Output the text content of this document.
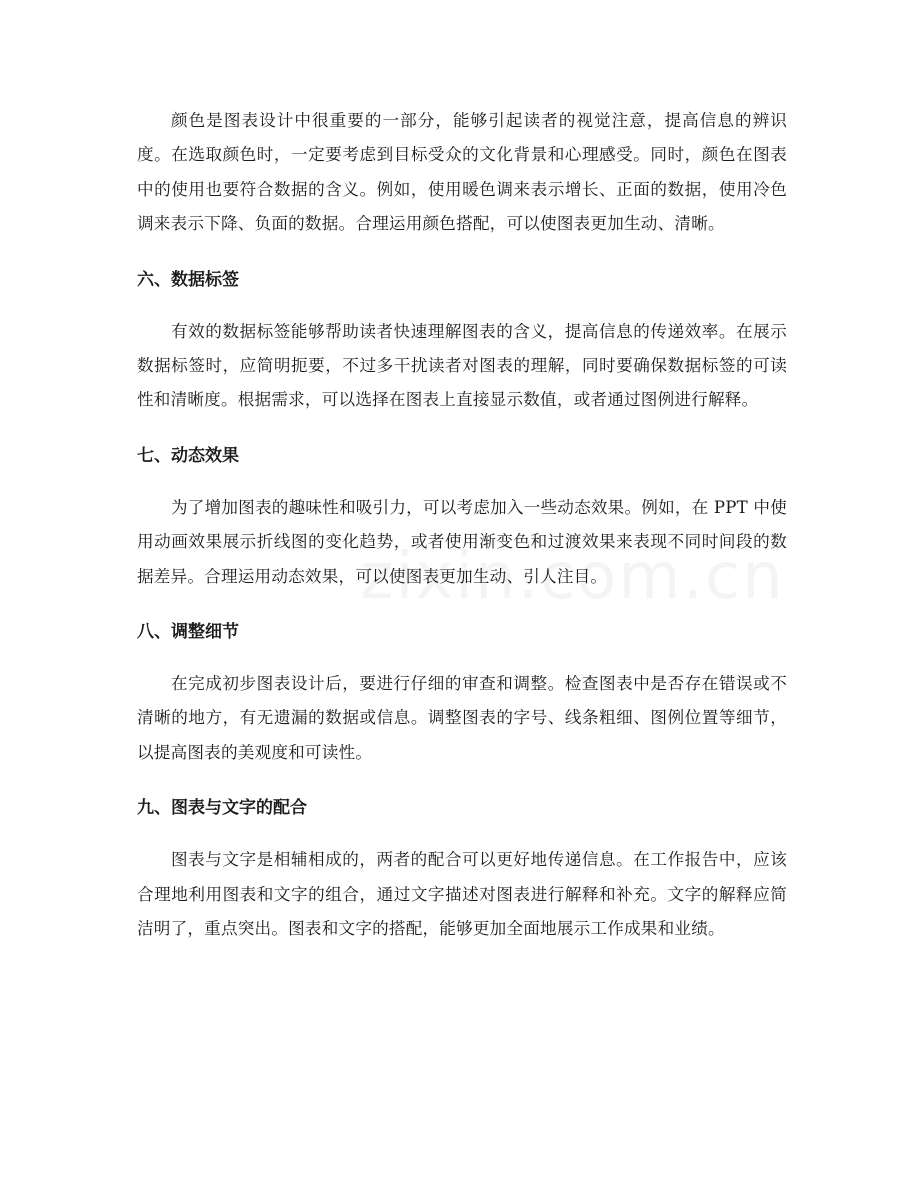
颜色是图表设计中很重要的一部分，能够引起读者的视觉注意，提高信息的辨识度。在选取颜色时，一定要考虑到目标受众的文化背景和心理感受。同时，颜色在图表中的使用也要符合数据的含义。例如，使用暖色调来表示增长、正面的数据，使用冷色调来表示下降、负面的数据。合理运用颜色搭配，可以使图表更加生动、清晰。

六、数据标签

有效的数据标签能够帮助读者快速理解图表的含义，提高信息的传递效率。在展示数据标签时，应简明扼要，不过多干扰读者对图表的理解，同时要确保数据标签的可读性和清晰度。根据需求，可以选择在图表上直接显示数值，或者通过图例进行解释。

七、动态效果

为了增加图表的趣味性和吸引力，可以考虑加入一些动态效果。例如，在 PPT 中使用动画效果展示折线图的变化趋势，或者使用渐变色和过渡效果来表现不同时间段的数据差异。合理运用动态效果，可以使图表更加生动、引人注目。

八、调整细节

在完成初步图表设计后，要进行仔细的审查和调整。检查图表中是否存在错误或不清晰的地方，有无遗漏的数据或信息。调整图表的字号、线条粗细、图例位置等细节，以提高图表的美观度和可读性。

九、图表与文字的配合

图表与文字是相辅相成的，两者的配合可以更好地传递信息。在工作报告中，应该合理地利用图表和文字的组合，通过文字描述对图表进行解释和补充。文字的解释应简洁明了，重点突出。图表和文字的搭配，能够更加全面地展示工作成果和业绩。
